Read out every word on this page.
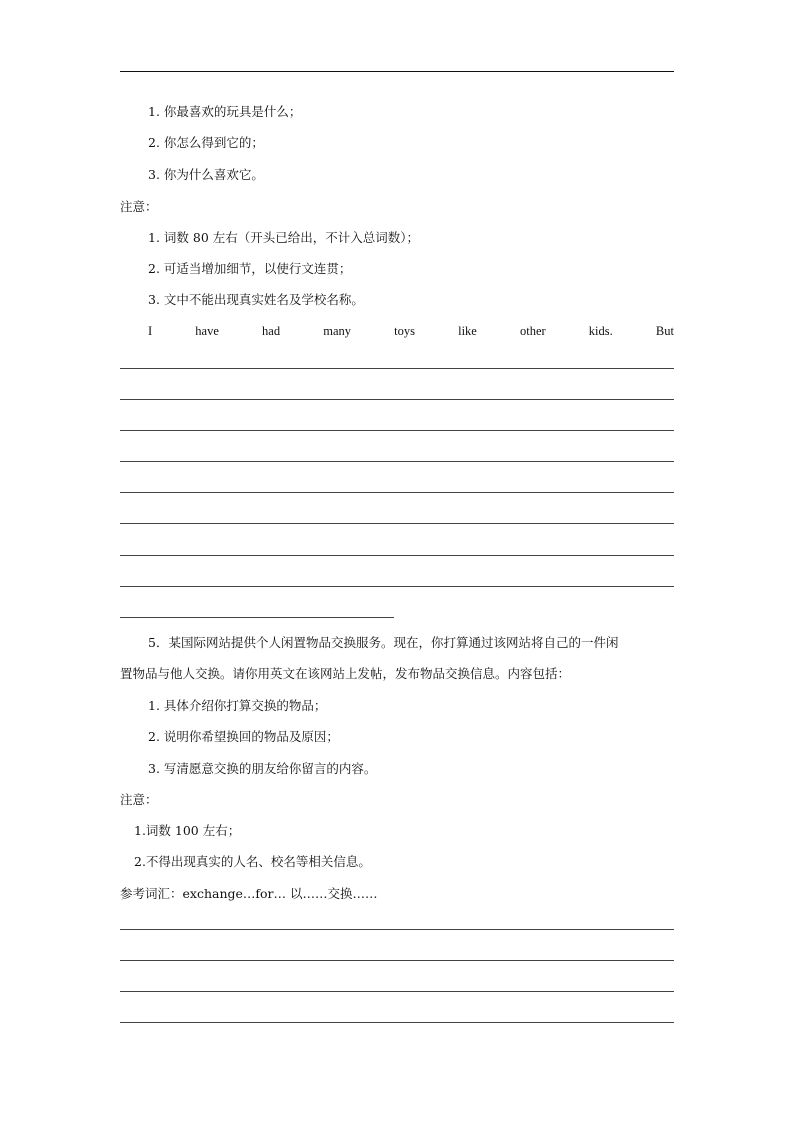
1. 你最喜欢的玩具是什么；
2. 你怎么得到它的；
3. 你为什么喜欢它。
注意：
1. 词数 80 左右（开头已给出，不计入总词数）；
2. 可适当增加细节，以使行文连贯；
3. 文中不能出现真实姓名及学校名称。
I	have	had	many	toys	like	other	kids.	But
5．某国际网站提供个人闲置物品交换服务。现在，你打算通过该网站将自己的一件闲
置物品与他人交换。请你用英文在该网站上发帖，发布物品交换信息。内容包括：
1. 具体介绍你打算交换的物品；
2. 说明你希望换回的物品及原因；
3. 写清愿意交换的朋友给你留言的内容。
注意：
1.词数 100 左右；
2.不得出现真实的人名、校名等相关信息。
参考词汇：exchange…for… 以……交换……
